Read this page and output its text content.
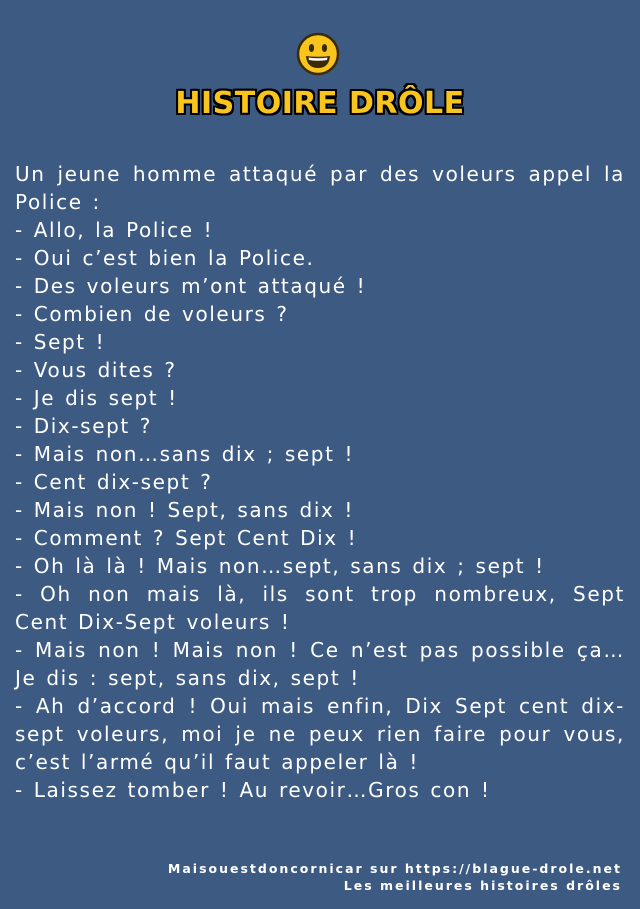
HISTOIRE DRÔLE

Un jeune homme attaqué par des voleurs appel la Police :

- Allo, la Police !

- Oui c’est bien la Police.

- Des voleurs m’ont attaqué !

- Combien de voleurs ?

- Sept !

- Vous dites ?

- Je dis sept !

- Dix-sept ?

- Mais non…sans dix ; sept !

- Cent dix-sept ?

- Mais non ! Sept, sans dix !

- Comment ? Sept Cent Dix !

- Oh là là ! Mais non…sept, sans dix ; sept !

- Oh non mais là, ils sont trop nombreux, Sept Cent Dix-Sept voleurs !

- Mais non ! Mais non ! Ce n’est pas possible ça…Je dis : sept, sans dix, sept !

- Ah d’accord ! Oui mais enfin, Dix Sept cent dix-sept voleurs, moi je ne peux rien faire pour vous, c’est l’armé qu’il faut appeler là !

- Laissez tomber ! Au revoir…Gros con !

Maisouestdoncornicar sur https://blague-drole.net
Les meilleures histoires drôles
